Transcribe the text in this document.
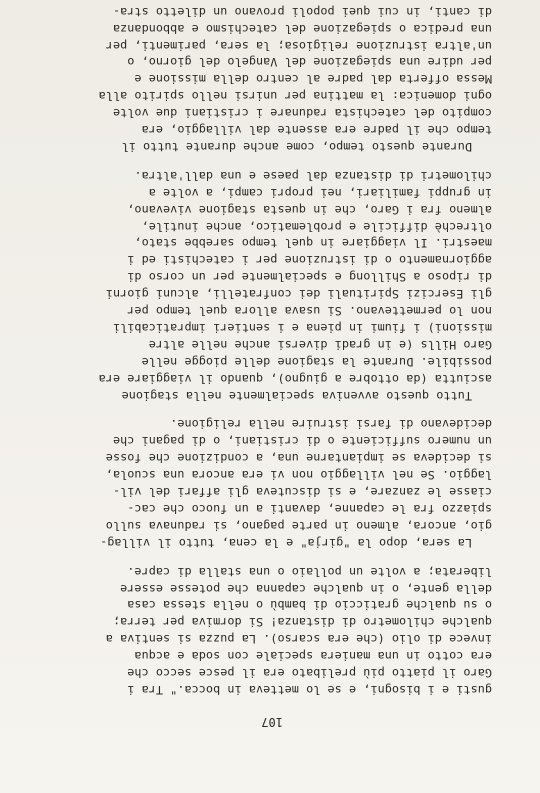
107
gusti e i bisogni, e se lo metteva in bocca." Tra i
Garo il piatto più prelibato era il pesce secco che
era cotto in una maniera speciale con soda e acqua
invece di olio (che era scarso). La puzza si sentiva a
qualche chilometro di distanza! Si dormiva per terra;
o su qualche graticcio di bambù o nella stessa casa
della gente, o in qualche capanna che potesse essere
liberata; a volte un pollaio o una stalla di capre.
La sera, dopo la "girja" e la cena, tutto il villag-
gio, ancora, almeno in parte pagano, si radunava sullo
spiazzo fra le capanne, davanti a un fuoco che cac-
ciasse le zanzare, e si discuteva gli affari del vil-
laggio. Se nel villaggio non vi era ancora una scuola,
si decideva se impiantarne una, a condizione che fosse
un numero sufficiente o di cristiani, o di pagani che
decidevano di farsi istruire nella religione.
Tutto questo avveniva specialmente nella stagione
asciutta (da ottobre a giugno), quando il viaggiare era
possibile. Durante la stagione delle piogge nelle
Garo Hills (e in gradi diversi anche nelle altre
missioni) i fiumi in piena e i sentieri impraticabili
non lo permettevano. Si usava allora quel tempo per
gli Esercizi Spirituali dei confratelli, alcuni giorni
di riposo a Shillong e specialmente per un corso di
aggiornamento o di istruzione per i catechisti ed i
maestri. Il viaggiare in quel tempo sarebbe stato,
oltrechè difficile e problematico, anche inutile,
almeno fra i Garo, che in questa stagione vivevano,
in gruppi familiari, nei propri campi, a volte a
chilometri di distanza dal paese e una dall'altra.
Durante questo tempo, come anche durante tutto il
tempo che il padre era assente dal villaggio, era
compito del catechista radunare i cristiani due volte
ogni domenica: la mattina per unirsi nello spirito alla
Messa offerta dal padre al centro della missione e
per udire una spiegazione del Vangelo del giorno, o
un'altra istruzione religiosa; la sera, parimenti, per
una predica o spiegazione del catechismo e abbondanza
di canti, in cui quei popoli provano un diletto stra-
